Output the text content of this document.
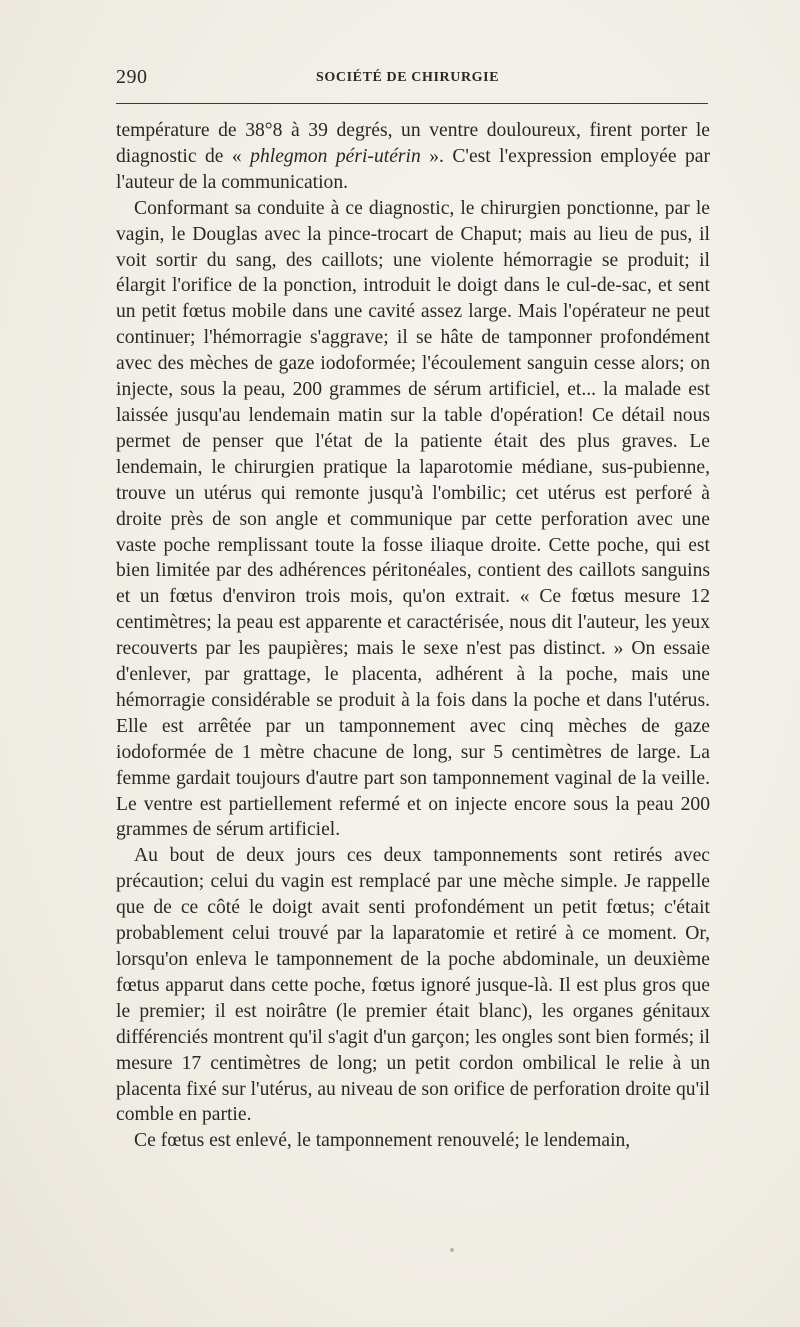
290	SOCIÉTÉ DE CHIRURGIE

température de 38°8 à 39 degrés, un ventre douloureux, firent porter le diagnostic de « phlegmon péri-utérin ». C'est l'expression employée par l'auteur de la communication.

Conformant sa conduite à ce diagnostic, le chirurgien ponctionne, par le vagin, le Douglas avec la pince-trocart de Chaput; mais au lieu de pus, il voit sortir du sang, des caillots; une violente hémorragie se produit; il élargit l'orifice de la ponction, introduit le doigt dans le cul-de-sac, et sent un petit fœtus mobile dans une cavité assez large. Mais l'opérateur ne peut continuer; l'hémorragie s'aggrave; il se hâte de tamponner profondément avec des mèches de gaze iodoformée; l'écoulement sanguin cesse alors; on injecte, sous la peau, 200 grammes de sérum artificiel, et... la malade est laissée jusqu'au lendemain matin sur la table d'opération! Ce détail nous permet de penser que l'état de la patiente était des plus graves. Le lendemain, le chirurgien pratique la laparotomie médiane, sus-pubienne, trouve un utérus qui remonte jusqu'à l'ombilic; cet utérus est perforé à droite près de son angle et communique par cette perforation avec une vaste poche remplissant toute la fosse iliaque droite. Cette poche, qui est bien limitée par des adhérences péritonéales, contient des caillots sanguins et un fœtus d'environ trois mois, qu'on extrait. « Ce fœtus mesure 12 centimètres; la peau est apparente et caractérisée, nous dit l'auteur, les yeux recouverts par les paupières; mais le sexe n'est pas distinct. » On essaie d'enlever, par grattage, le placenta, adhérent à la poche, mais une hémorragie considérable se produit à la fois dans la poche et dans l'utérus. Elle est arrêtée par un tamponnement avec cinq mèches de gaze iodoformée de 1 mètre chacune de long, sur 5 centimètres de large. La femme gardait toujours d'autre part son tamponnement vaginal de la veille. Le ventre est partiellement refermé et on injecte encore sous la peau 200 grammes de sérum artificiel.

Au bout de deux jours ces deux tamponnements sont retirés avec précaution; celui du vagin est remplacé par une mèche simple. Je rappelle que de ce côté le doigt avait senti profondément un petit fœtus; c'était probablement celui trouvé par la laparatomie et retiré à ce moment. Or, lorsqu'on enleva le tamponnement de la poche abdominale, un deuxième fœtus apparut dans cette poche, fœtus ignoré jusque-là. Il est plus gros que le premier; il est noirâtre (le premier était blanc), les organes génitaux différenciés montrent qu'il s'agit d'un garçon; les ongles sont bien formés; il mesure 17 centimètres de long; un petit cordon ombilical le relie à un placenta fixé sur l'utérus, au niveau de son orifice de perforation droite qu'il comble en partie.

Ce fœtus est enlevé, le tamponnement renouvelé; le lendemain,
